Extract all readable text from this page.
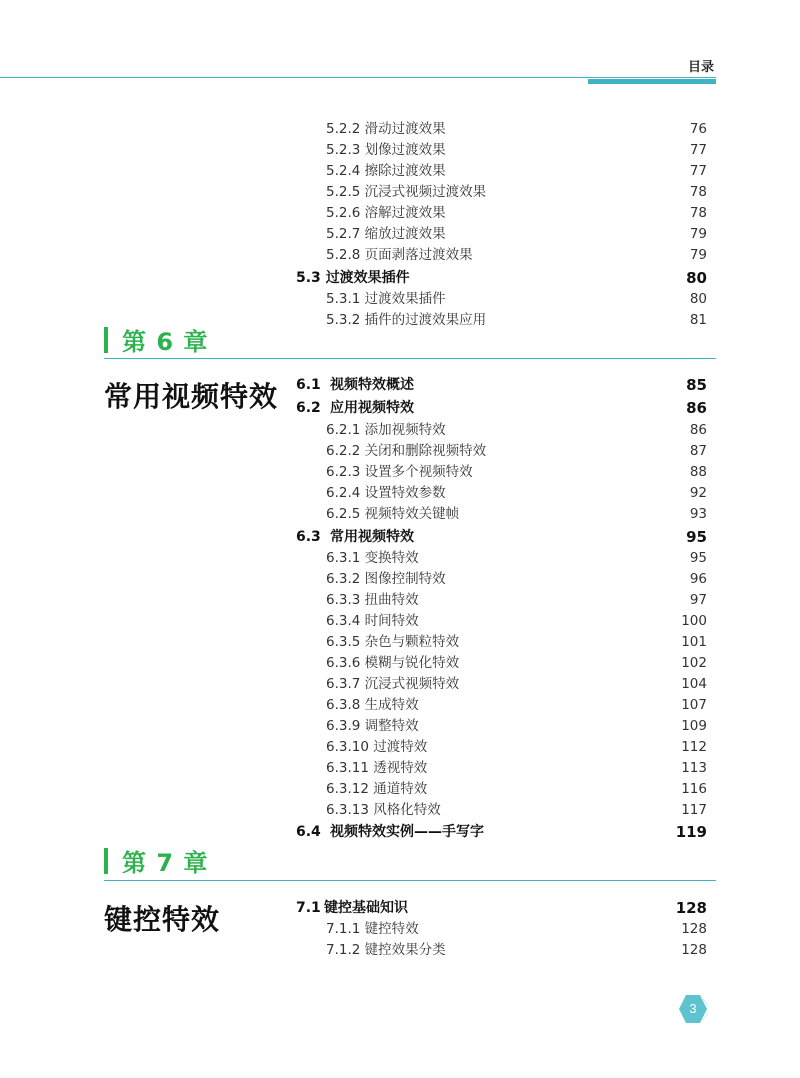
目录
5.2.2 滑动过渡效果	76
5.2.3 划像过渡效果	77
5.2.4 擦除过渡效果	77
5.2.5 沉浸式视频过渡效果	78
5.2.6 溶解过渡效果	78
5.2.7 缩放过渡效果	79
5.2.8 页面剥落过渡效果	79
5.3 过渡效果插件	80
5.3.1 过渡效果插件	80
5.3.2 插件的过渡效果应用	81
第 6 章
常用视频特效 6.1 视频特效概述	85
6.2 应用视频特效	86
6.2.1 添加视频特效	86
6.2.2 关闭和删除视频特效	87
6.2.3 设置多个视频特效	88
6.2.4 设置特效参数	92
6.2.5 视频特效关键帧	93
6.3 常用视频特效	95
6.3.1 变换特效	95
6.3.2 图像控制特效	96
6.3.3 扭曲特效	97
6.3.4 时间特效	100
6.3.5 杂色与颗粒特效	101
6.3.6 模糊与锐化特效	102
6.3.7 沉浸式视频特效	104
6.3.8 生成特效	107
6.3.9 调整特效	109
6.3.10 过渡特效	112
6.3.11 透视特效	113
6.3.12 通道特效	116
6.3.13 风格化特效	117
6.4 视频特效实例——手写字	119
第 7 章
键控特效	7.1 键控基础知识	128
7.1.1 键控特效	128
7.1.2 键控效果分类	128
3
